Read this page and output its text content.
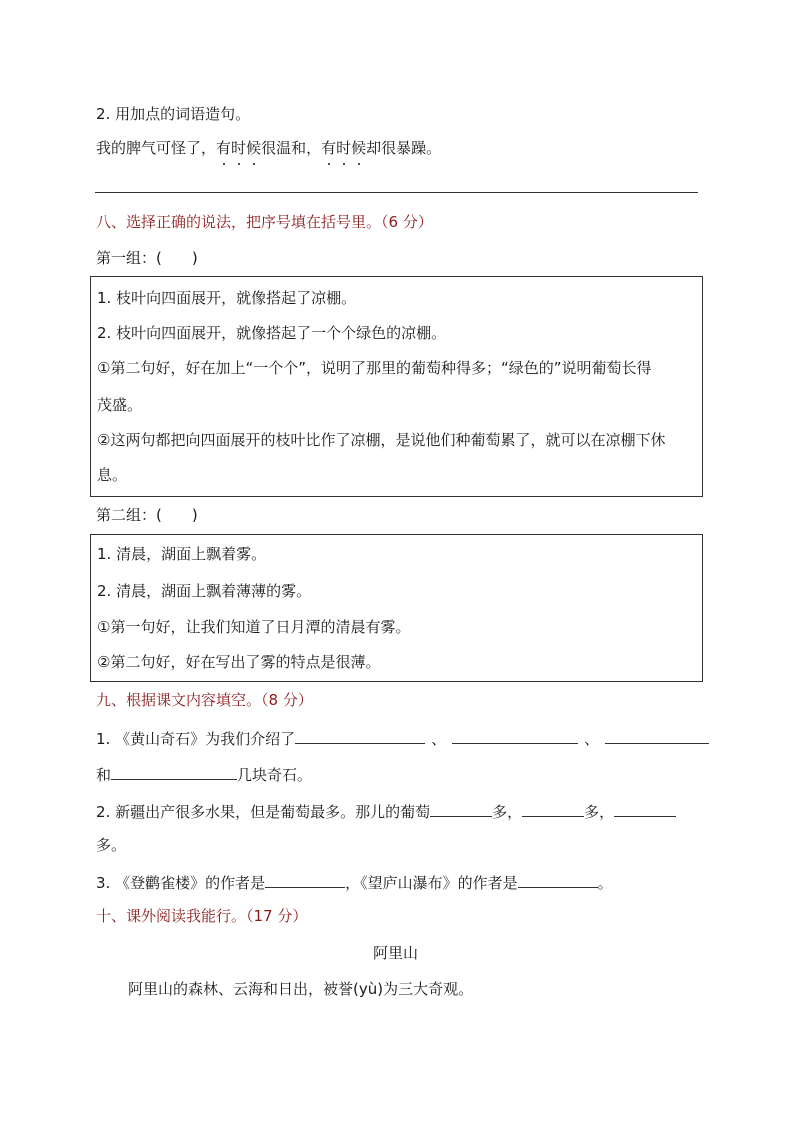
2. 用加点的词语造句。
我的脾气可怪了，有时候很温和，有时候却很暴躁。
八、选择正确的说法，把序号填在括号里。（6 分）
第一组：(　　)
1. 枝叶向四面展开，就像搭起了凉棚。
2. 枝叶向四面展开，就像搭起了一个个绿色的凉棚。
①第二句好，好在加上“一个个”，说明了那里的葡萄种得多；“绿色的”说明葡萄长得
茂盛。
②这两句都把向四面展开的枝叶比作了凉棚，是说他们种葡萄累了，就可以在凉棚下休
息。
第二组：(　　)
1. 清晨，湖面上飘着雾。
2. 清晨，湖面上飘着薄薄的雾。
①第一句好，让我们知道了日月潭的清晨有雾。
②第二句好，好在写出了雾的特点是很薄。
九、根据课文内容填空。（8 分）
1. 《黄山奇石》为我们介绍了	、	、
和	几块奇石。
2. 新疆出产很多水果，但是葡萄最多。那儿的葡萄	多，	多，
多。
3. 《登鹳雀楼》的作者是	，《望庐山瀑布》的作者是	。
十、课外阅读我能行。（17 分）
阿里山
阿里山的森林、云海和日出，被誉(yù)为三大奇观。
